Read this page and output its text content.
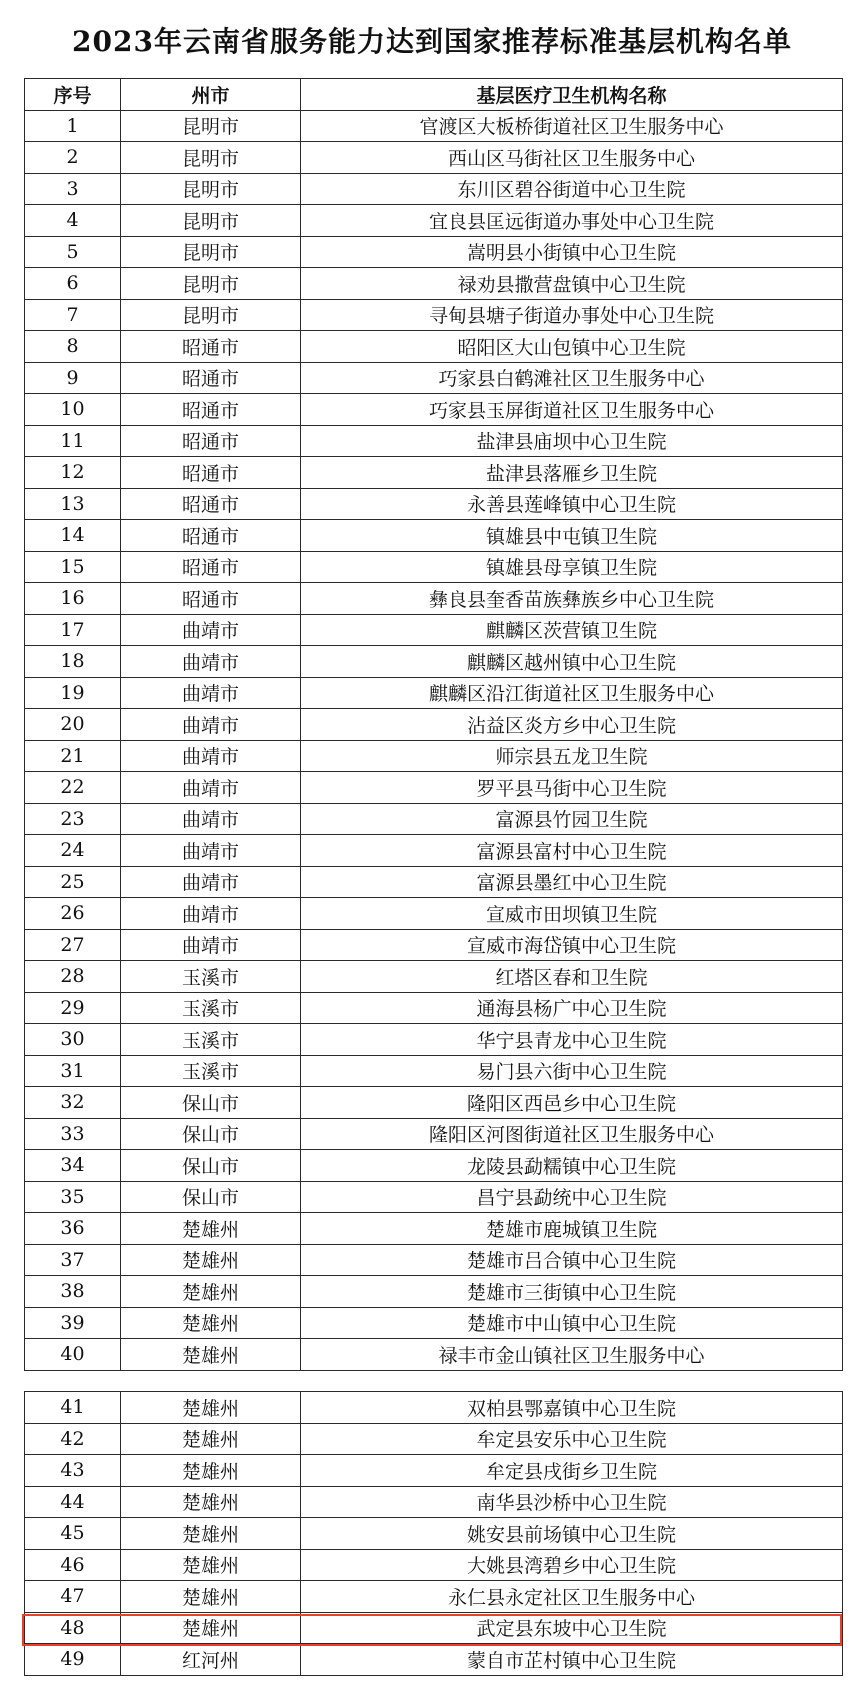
2023年云南省服务能力达到国家推荐标准基层机构名单
序号	州市	基层医疗卫生机构名称
1	昆明市	官渡区大板桥街道社区卫生服务中心
2	昆明市	西山区马街社区卫生服务中心
3	昆明市	东川区碧谷街道中心卫生院
4	昆明市	宜良县匡远街道办事处中心卫生院
5	昆明市	嵩明县小街镇中心卫生院
6	昆明市	禄劝县撒营盘镇中心卫生院
7	昆明市	寻甸县塘子街道办事处中心卫生院
8	昭通市	昭阳区大山包镇中心卫生院
9	昭通市	巧家县白鹤滩社区卫生服务中心
10	昭通市	巧家县玉屏街道社区卫生服务中心
11	昭通市	盐津县庙坝中心卫生院
12	昭通市	盐津县落雁乡卫生院
13	昭通市	永善县莲峰镇中心卫生院
14	昭通市	镇雄县中屯镇卫生院
15	昭通市	镇雄县母享镇卫生院
16	昭通市	彝良县奎香苗族彝族乡中心卫生院
17	曲靖市	麒麟区茨营镇卫生院
18	曲靖市	麒麟区越州镇中心卫生院
19	曲靖市	麒麟区沿江街道社区卫生服务中心
20	曲靖市	沾益区炎方乡中心卫生院
21	曲靖市	师宗县五龙卫生院
22	曲靖市	罗平县马街中心卫生院
23	曲靖市	富源县竹园卫生院
24	曲靖市	富源县富村中心卫生院
25	曲靖市	富源县墨红中心卫生院
26	曲靖市	宣威市田坝镇卫生院
27	曲靖市	宣威市海岱镇中心卫生院
28	玉溪市	红塔区春和卫生院
29	玉溪市	通海县杨广中心卫生院
30	玉溪市	华宁县青龙中心卫生院
31	玉溪市	易门县六街中心卫生院
32	保山市	隆阳区西邑乡中心卫生院
33	保山市	隆阳区河图街道社区卫生服务中心
34	保山市	龙陵县勐糯镇中心卫生院
35	保山市	昌宁县勐统中心卫生院
36	楚雄州	楚雄市鹿城镇卫生院
37	楚雄州	楚雄市吕合镇中心卫生院
38	楚雄州	楚雄市三街镇中心卫生院
39	楚雄州	楚雄市中山镇中心卫生院
40	楚雄州	禄丰市金山镇社区卫生服务中心
41	楚雄州	双柏县鄂嘉镇中心卫生院
42	楚雄州	牟定县安乐中心卫生院
43	楚雄州	牟定县戌街乡卫生院
44	楚雄州	南华县沙桥中心卫生院
45	楚雄州	姚安县前场镇中心卫生院
46	楚雄州	大姚县湾碧乡中心卫生院
47	楚雄州	永仁县永定社区卫生服务中心
48	楚雄州	武定县东坡中心卫生院
49	红河州	蒙自市芷村镇中心卫生院
